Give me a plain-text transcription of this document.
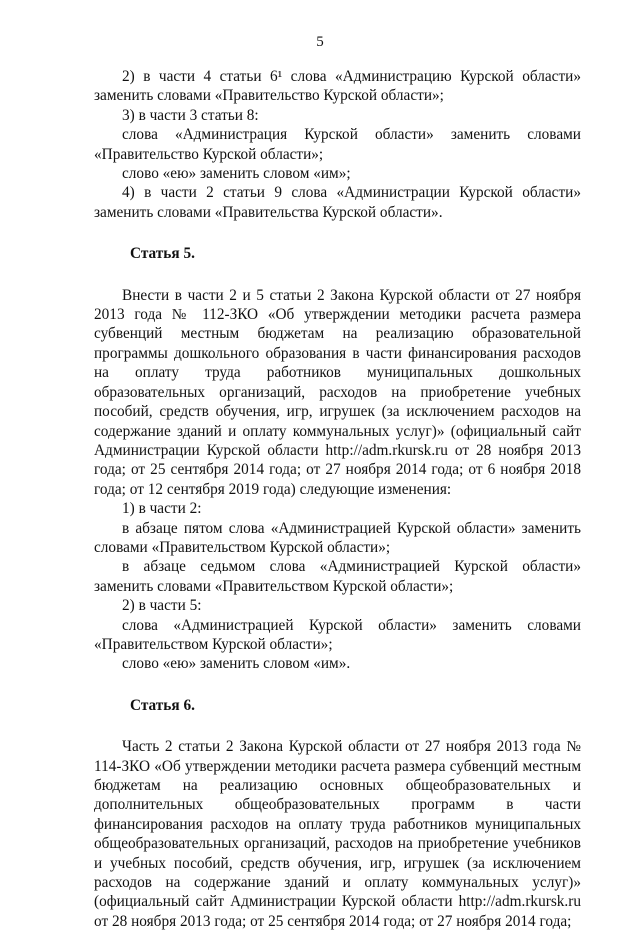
5

2) в части 4 статьи 6¹ слова «Администрацию Курской области» заменить словами «Правительство Курской области»;

3) в части 3 статьи 8:

слова «Администрация Курской области» заменить словами «Правительство Курской области»;

слово «ею» заменить словом «им»;

4) в части 2 статьи 9 слова «Администрации Курской области» заменить словами «Правительства Курской области».

Статья 5.

Внести в части 2 и 5 статьи 2 Закона Курской области от 27 ноября 2013 года № 112-ЗКО «Об утверждении методики расчета размера субвенций местным бюджетам на реализацию образовательной программы дошкольного образования в части финансирования расходов на оплату труда работников муниципальных дошкольных образовательных организаций, расходов на приобретение учебных пособий, средств обучения, игр, игрушек (за исключением расходов на содержание зданий и оплату коммунальных услуг)» (официальный сайт Администрации Курской области http://adm.rkursk.ru от 28 ноября 2013 года; от 25 сентября 2014 года; от 27 ноября 2014 года; от 6 ноября 2018 года; от 12 сентября 2019 года) следующие изменения:

1) в части 2:

в абзаце пятом слова «Администрацией Курской области» заменить словами «Правительством Курской области»;

в абзаце седьмом слова «Администрацией Курской области» заменить словами «Правительством Курской области»;

2) в части 5:

слова «Администрацией Курской области» заменить словами «Правительством Курской области»;

слово «ею» заменить словом «им».

Статья 6.

Часть 2 статьи 2 Закона Курской области от 27 ноября 2013 года № 114-ЗКО «Об утверждении методики расчета размера субвенций местным бюджетам на реализацию основных общеобразовательных и дополнительных общеобразовательных программ в части финансирования расходов на оплату труда работников муниципальных общеобразовательных организаций, расходов на приобретение учебников и учебных пособий, средств обучения, игр, игрушек (за исключением расходов на содержание зданий и оплату коммунальных услуг)» (официальный сайт Администрации Курской области http://adm.rkursk.ru от 28 ноября 2013 года; от 25 сентября 2014 года; от 27 ноября 2014 года;
